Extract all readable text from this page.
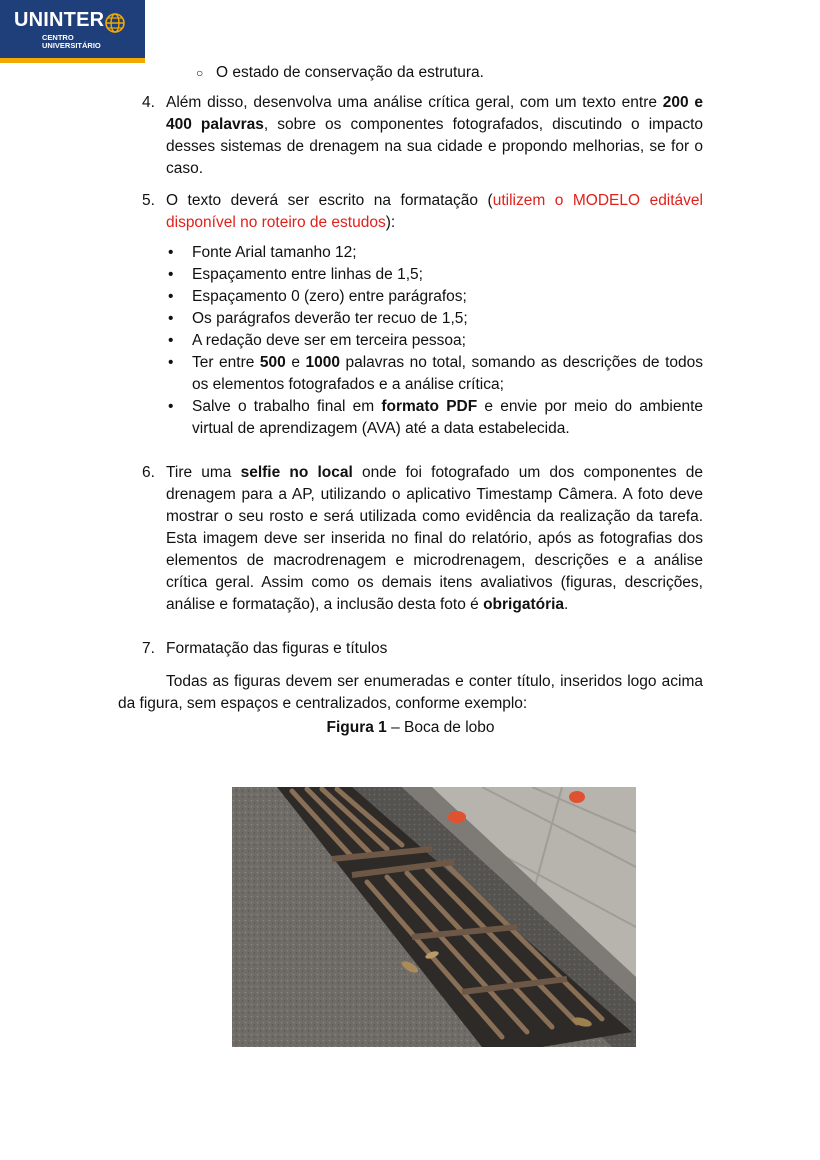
UNINTER
CENTRO
UNIVERSITÁRIO
○ O estado de conservação da estrutura.
4. Além disso, desenvolva uma análise crítica geral, com um texto entre 200 e 400 palavras, sobre os componentes fotografados, discutindo o impacto desses sistemas de drenagem na sua cidade e propondo melhorias, se for o caso.
5. O texto deverá ser escrito na formatação (utilizem o MODELO editável disponível no roteiro de estudos):
• Fonte Arial tamanho 12;
• Espaçamento entre linhas de 1,5;
• Espaçamento 0 (zero) entre parágrafos;
• Os parágrafos deverão ter recuo de 1,5;
• A redação deve ser em terceira pessoa;
• Ter entre 500 e 1000 palavras no total, somando as descrições de todos os elementos fotografados e a análise crítica;
• Salve o trabalho final em formato PDF e envie por meio do ambiente virtual de aprendizagem (AVA) até a data estabelecida.
6. Tire uma selfie no local onde foi fotografado um dos componentes de drenagem para a AP, utilizando o aplicativo Timestamp Câmera. A foto deve mostrar o seu rosto e será utilizada como evidência da realização da tarefa. Esta imagem deve ser inserida no final do relatório, após as fotografias dos elementos de macrodrenagem e microdrenagem, descrições e a análise crítica geral. Assim como os demais itens avaliativos (figuras, descrições, análise e formatação), a inclusão desta foto é obrigatória.
7. Formatação das figuras e títulos

Todas as figuras devem ser enumeradas e conter título, inseridos logo acima da figura, sem espaços e centralizados, conforme exemplo:

Figura 1 – Boca de lobo
